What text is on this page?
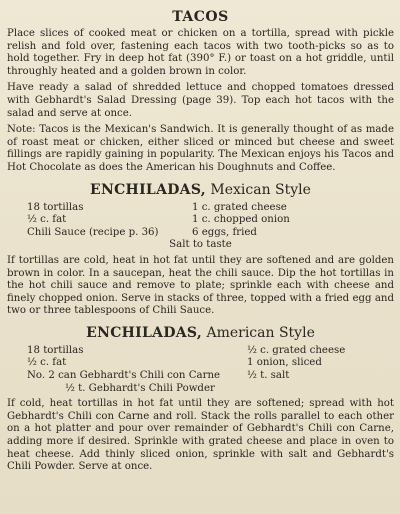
TACOS

Place slices of cooked meat or chicken on a tortilla, spread with pickle relish and fold over, fastening each tacos with two tooth-picks so as to hold together. Fry in deep hot fat (390° F.) or toast on a hot griddle, until throughly heated and a golden brown in color.

Have ready a salad of shredded lettuce and chopped tomatoes dressed with Gebhardt's Salad Dressing (page 39). Top each hot tacos with the salad and serve at once.

Note: Tacos is the Mexican's Sandwich. It is generally thought of as made of roast meat or chicken, either sliced or minced but cheese and sweet fillings are rapidly gaining in popularity. The Mexican enjoys his Tacos and Hot Chocolate as does the American his Doughnuts and Coffee.

ENCHILADAS, Mexican Style
18 tortillas	1 c. grated cheese
½ c. fat	1 c. chopped onion
Chili Sauce (recipe p. 36)	6 eggs, fried
Salt to taste

If tortillas are cold, heat in hot fat until they are softened and are golden brown in color. In a saucepan, heat the chili sauce. Dip the hot tortillas in the hot chili sauce and remove to plate; sprinkle each with cheese and finely chopped onion. Serve in stacks of three, topped with a fried egg and two or three tablespoons of Chili Sauce.

ENCHILADAS, American Style
18 tortillas	½ c. grated cheese
½ c. fat	1 onion, sliced
No. 2 can Gebhardt's Chili con Carne	½ t. salt
½ t. Gebhardt's Chili Powder

If cold, heat tortillas in hot fat until they are softened; spread with hot Gebhardt's Chili con Carne and roll. Stack the rolls parallel to each other on a hot platter and pour over remainder of Gebhardt's Chili con Carne, adding more if desired. Sprinkle with grated cheese and place in oven to heat cheese. Add thinly sliced onion, sprinkle with salt and Gebhardt's Chili Powder. Serve at once.
